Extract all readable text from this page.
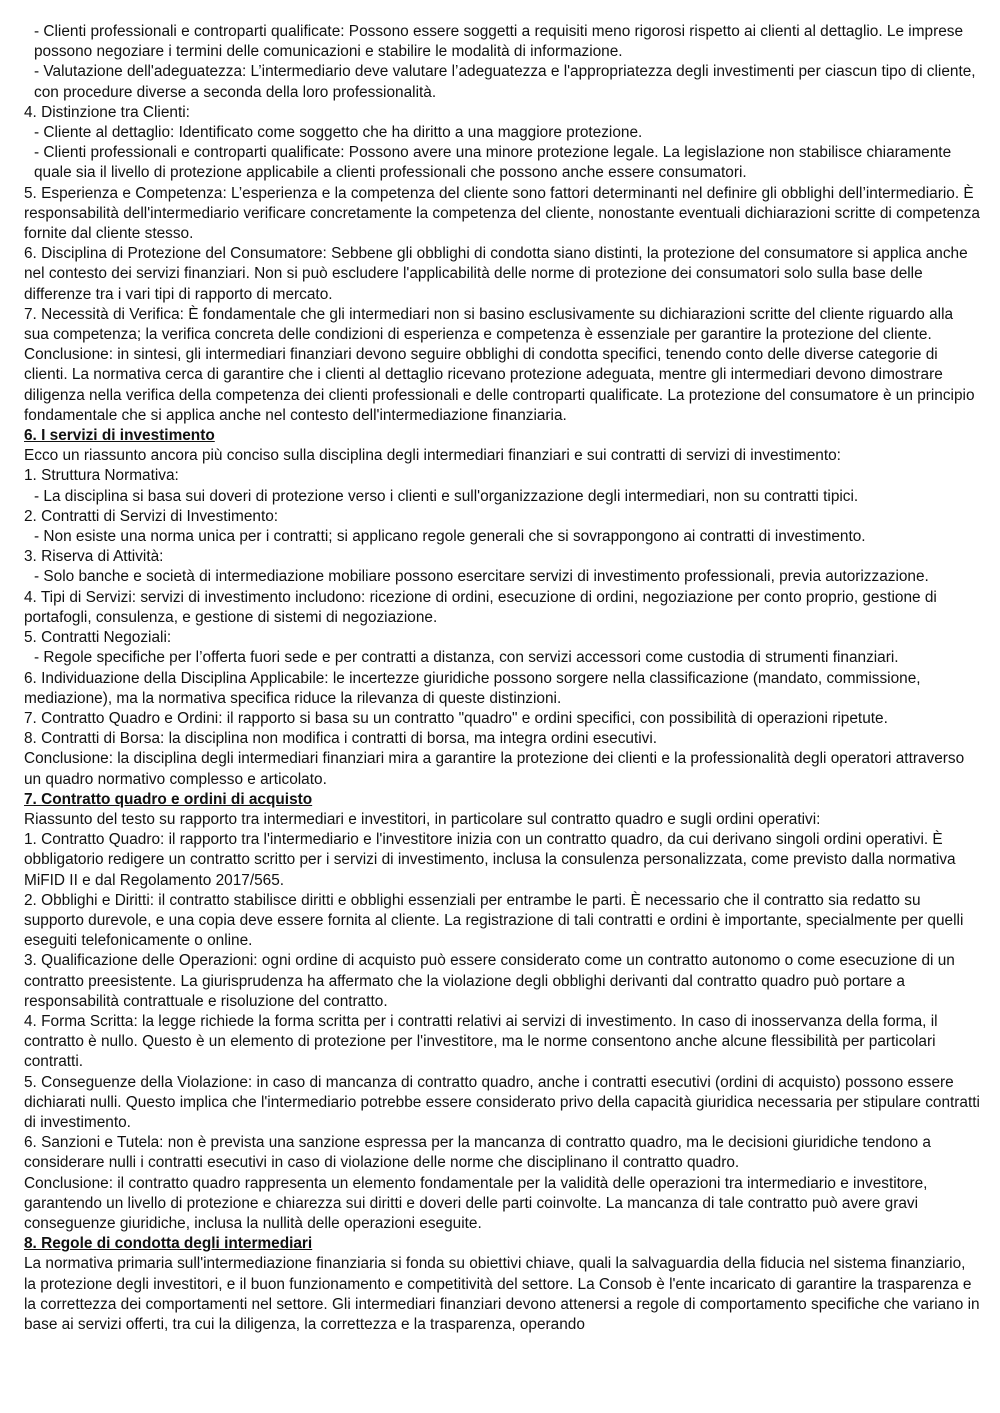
- Clienti professionali e controparti qualificate: Possono essere soggetti a requisiti meno rigorosi rispetto ai clienti al dettaglio. Le imprese possono negoziare i termini delle comunicazioni e stabilire le modalità di informazione.
- Valutazione dell'adeguatezza: L’intermediario deve valutare l’adeguatezza e l'appropriatezza degli investimenti per ciascun tipo di cliente, con procedure diverse a seconda della loro professionalità.
4. Distinzione tra Clienti:
- Cliente al dettaglio: Identificato come soggetto che ha diritto a una maggiore protezione.
- Clienti professionali e controparti qualificate: Possono avere una minore protezione legale. La legislazione non stabilisce chiaramente quale sia il livello di protezione applicabile a clienti professionali che possono anche essere consumatori.
5. Esperienza e Competenza: L’esperienza e la competenza del cliente sono fattori determinanti nel definire gli obblighi dell’intermediario. È responsabilità dell'intermediario verificare concretamente la competenza del cliente, nonostante eventuali dichiarazioni scritte di competenza fornite dal cliente stesso.
6. Disciplina di Protezione del Consumatore: Sebbene gli obblighi di condotta siano distinti, la protezione del consumatore si applica anche nel contesto dei servizi finanziari. Non si può escludere l'applicabilità delle norme di protezione dei consumatori solo sulla base delle differenze tra i vari tipi di rapporto di mercato.
7. Necessità di Verifica: È fondamentale che gli intermediari non si basino esclusivamente su dichiarazioni scritte del cliente riguardo alla sua competenza; la verifica concreta delle condizioni di esperienza e competenza è essenziale per garantire la protezione del cliente.
Conclusione: in sintesi, gli intermediari finanziari devono seguire obblighi di condotta specifici, tenendo conto delle diverse categorie di clienti. La normativa cerca di garantire che i clienti al dettaglio ricevano protezione adeguata, mentre gli intermediari devono dimostrare diligenza nella verifica della competenza dei clienti professionali e delle controparti qualificate. La protezione del consumatore è un principio fondamentale che si applica anche nel contesto dell'intermediazione finanziaria.
6. I servizi di investimento
Ecco un riassunto ancora più conciso sulla disciplina degli intermediari finanziari e sui contratti di servizi di investimento:
1. Struttura Normativa:
- La disciplina si basa sui doveri di protezione verso i clienti e sull'organizzazione degli intermediari, non su contratti tipici.
2. Contratti di Servizi di Investimento:
- Non esiste una norma unica per i contratti; si applicano regole generali che si sovrappongono ai contratti di investimento.
3. Riserva di Attività:
- Solo banche e società di intermediazione mobiliare possono esercitare servizi di investimento professionali, previa autorizzazione.
4. Tipi di Servizi: servizi di investimento includono: ricezione di ordini, esecuzione di ordini, negoziazione per conto proprio, gestione di portafogli, consulenza, e gestione di sistemi di negoziazione.
5. Contratti Negoziali:
- Regole specifiche per l’offerta fuori sede e per contratti a distanza, con servizi accessori come custodia di strumenti finanziari.
6. Individuazione della Disciplina Applicabile: le incertezze giuridiche possono sorgere nella classificazione (mandato, commissione, mediazione), ma la normativa specifica riduce la rilevanza di queste distinzioni.
7. Contratto Quadro e Ordini: il rapporto si basa su un contratto "quadro" e ordini specifici, con possibilità di operazioni ripetute.
8. Contratti di Borsa: la disciplina non modifica i contratti di borsa, ma integra ordini esecutivi.
Conclusione: la disciplina degli intermediari finanziari mira a garantire la protezione dei clienti e la professionalità degli operatori attraverso un quadro normativo complesso e articolato.
7. Contratto quadro e ordini di acquisto
Riassunto del testo su rapporto tra intermediari e investitori, in particolare sul contratto quadro e sugli ordini operativi:
1. Contratto Quadro: il rapporto tra l'intermediario e l'investitore inizia con un contratto quadro, da cui derivano singoli ordini operativi. È obbligatorio redigere un contratto scritto per i servizi di investimento, inclusa la consulenza personalizzata, come previsto dalla normativa MiFID II e dal Regolamento 2017/565.
2. Obblighi e Diritti: il contratto stabilisce diritti e obblighi essenziali per entrambe le parti. È necessario che il contratto sia redatto su supporto durevole, e una copia deve essere fornita al cliente. La registrazione di tali contratti e ordini è importante, specialmente per quelli eseguiti telefonicamente o online.
3. Qualificazione delle Operazioni: ogni ordine di acquisto può essere considerato come un contratto autonomo o come esecuzione di un contratto preesistente. La giurisprudenza ha affermato che la violazione degli obblighi derivanti dal contratto quadro può portare a responsabilità contrattuale e risoluzione del contratto.
4. Forma Scritta: la legge richiede la forma scritta per i contratti relativi ai servizi di investimento. In caso di inosservanza della forma, il contratto è nullo. Questo è un elemento di protezione per l'investitore, ma le norme consentono anche alcune flessibilità per particolari contratti.
5. Conseguenze della Violazione: in caso di mancanza di contratto quadro, anche i contratti esecutivi (ordini di acquisto) possono essere dichiarati nulli. Questo implica che l'intermediario potrebbe essere considerato privo della capacità giuridica necessaria per stipulare contratti di investimento.
6. Sanzioni e Tutela: non è prevista una sanzione espressa per la mancanza di contratto quadro, ma le decisioni giuridiche tendono a considerare nulli i contratti esecutivi in caso di violazione delle norme che disciplinano il contratto quadro.
Conclusione: il contratto quadro rappresenta un elemento fondamentale per la validità delle operazioni tra intermediario e investitore, garantendo un livello di protezione e chiarezza sui diritti e doveri delle parti coinvolte. La mancanza di tale contratto può avere gravi conseguenze giuridiche, inclusa la nullità delle operazioni eseguite.
8. Regole di condotta degli intermediari
La normativa primaria sull'intermediazione finanziaria si fonda su obiettivi chiave, quali la salvaguardia della fiducia nel sistema finanziario, la protezione degli investitori, e il buon funzionamento e competitività del settore. La Consob è l'ente incaricato di garantire la trasparenza e la correttezza dei comportamenti nel settore. Gli intermediari finanziari devono attenersi a regole di comportamento specifiche che variano in base ai servizi offerti, tra cui la diligenza, la correttezza e la trasparenza, operando
